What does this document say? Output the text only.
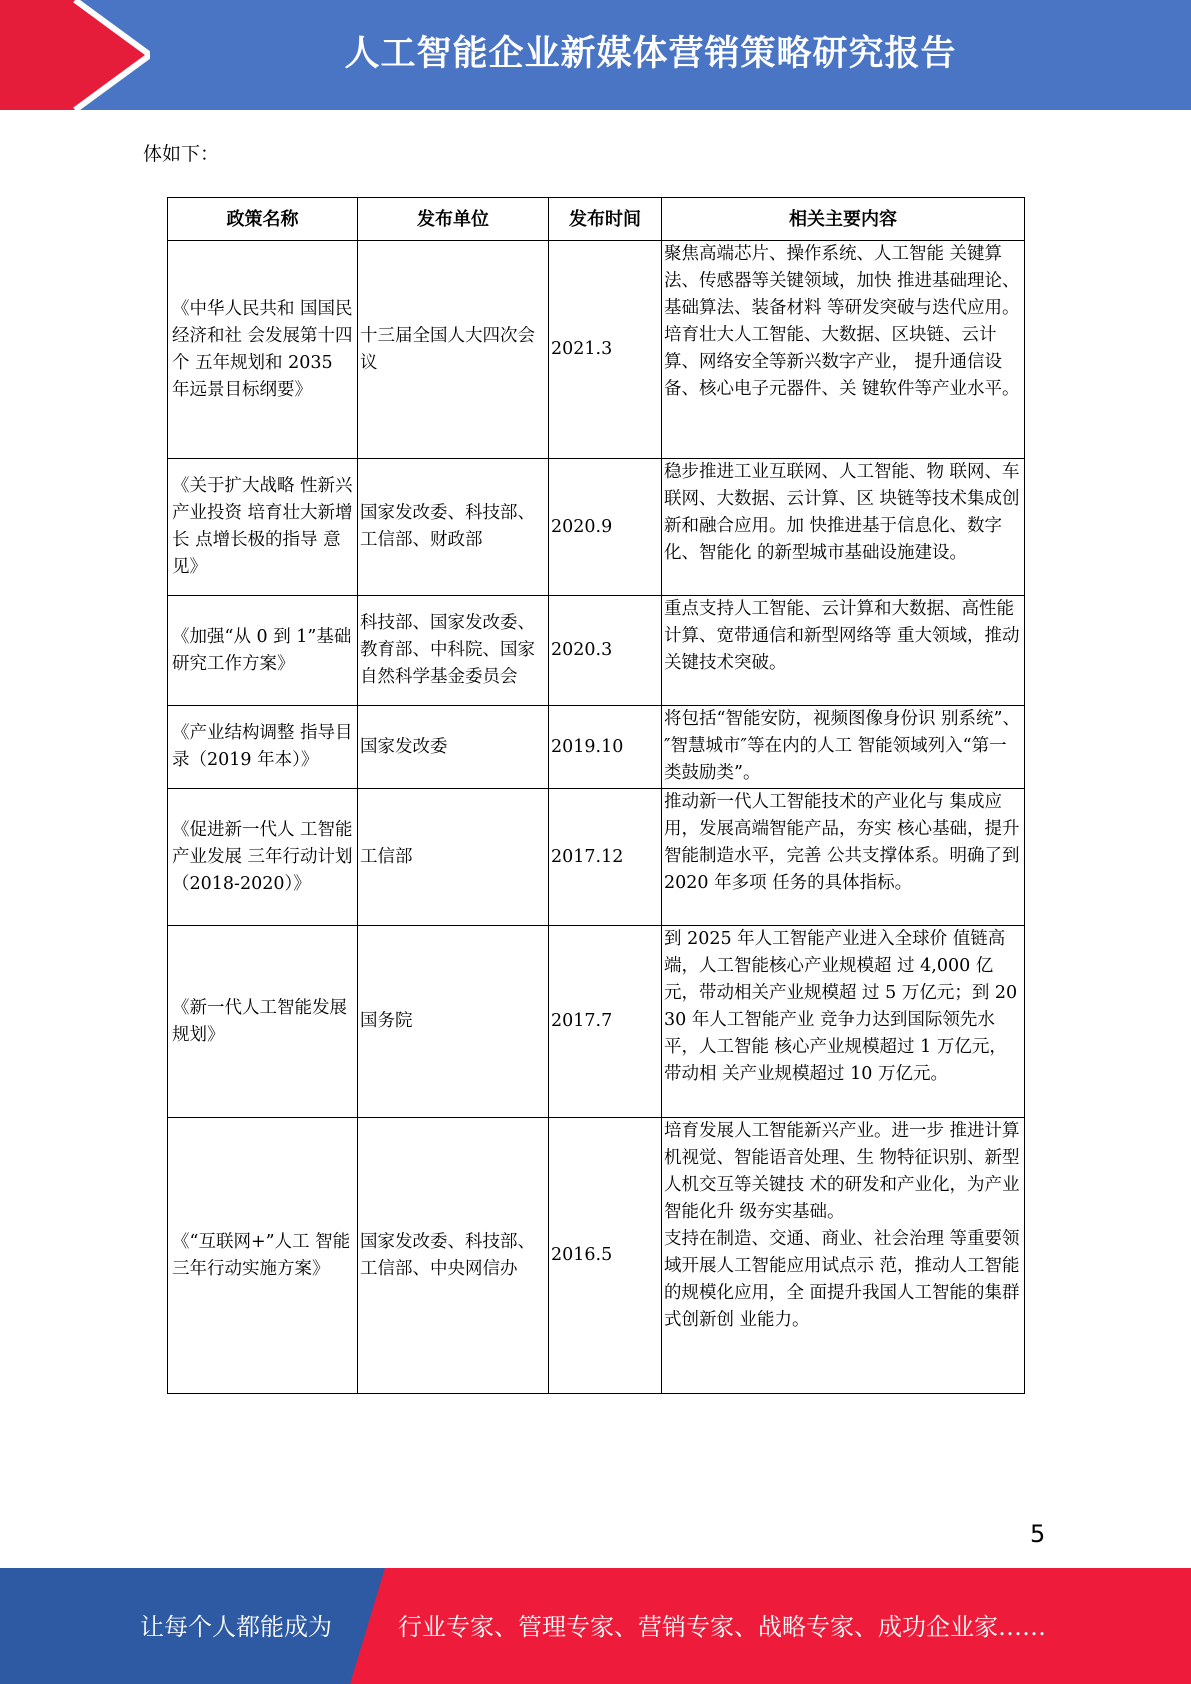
人工智能企业新媒体营销策略研究报告
体如下：
政策名称	发布单位	发布时间	相关主要内容
《中华人民共和 国国民经济和社 会发展第十四个 五年规划和 2035 年远景目标纲要》	十三届全国人大四次会议	2021.3	聚焦高端芯片、操作系统、人工智能 关键算法、传感器等关键领域，加快 推进基础理论、基础算法、装备材料 等研发突破与迭代应用。
培育壮大人工智能、大数据、区块链、云计算、网络安全等新兴数字产业， 提升通信设备、核心电子元器件、关 键软件等产业水平。
《关于扩大战略 性新兴产业投资 培育壮大新增长 点增长极的指导 意见》	国家发改委、科技部、工信部、财政部	2020.9	稳步推进工业互联网、人工智能、物 联网、车联网、大数据、云计算、区 块链等技术集成创新和融合应用。加 快推进基于信息化、数字化、智能化 的新型城市基础设施建设。
《加强“从 0 到 1”基础研究工作方案》	科技部、国家发改委、教育部、中科院、国家自然科学基金委员会	2020.3	重点支持人工智能、云计算和大数据、高性能计算、宽带通信和新型网络等 重大领域，推动关键技术突破。
《产业结构调整 指导目录（2019 年本）》	国家发改委	2019.10	将包括“智能安防，视频图像身份识 别系统”、″智慧城市″等在内的人工 智能领域列入“第一类鼓励类”。
《促进新一代人 工智能产业发展 三年行动计划（2018-2020）》	工信部	2017.12	推动新一代人工智能技术的产业化与 集成应用，发展高端智能产品，夯实 核心基础，提升智能制造水平，完善 公共支撑体系。明确了到 2020 年多项 任务的具体指标。
《新一代人工智能发展规划》	国务院	2017.7	到 2025 年人工智能产业进入全球价 值链高端，人工智能核心产业规模超 过 4,000 亿元，带动相关产业规模超 过 5 万亿元；到 2030 年人工智能产业 竞争力达到国际领先水平，人工智能 核心产业规模超过 1 万亿元，带动相 关产业规模超过 10 万亿元。
《“互联网+”人工 智能三年行动实施方案》	国家发改委、科技部、工信部、中央网信办	2016.5	培育发展人工智能新兴产业。进一步 推进计算机视觉、智能语音处理、生 物特征识别、新型人机交互等关键技 术的研发和产业化，为产业智能化升 级夯实基础。
支持在制造、交通、商业、社会治理 等重要领域开展人工智能应用试点示 范，推动人工智能的规模化应用，全 面提升我国人工智能的集群式创新创 业能力。
5
让每个人都能成为	行业专家、管理专家、营销专家、战略专家、成功企业家……
